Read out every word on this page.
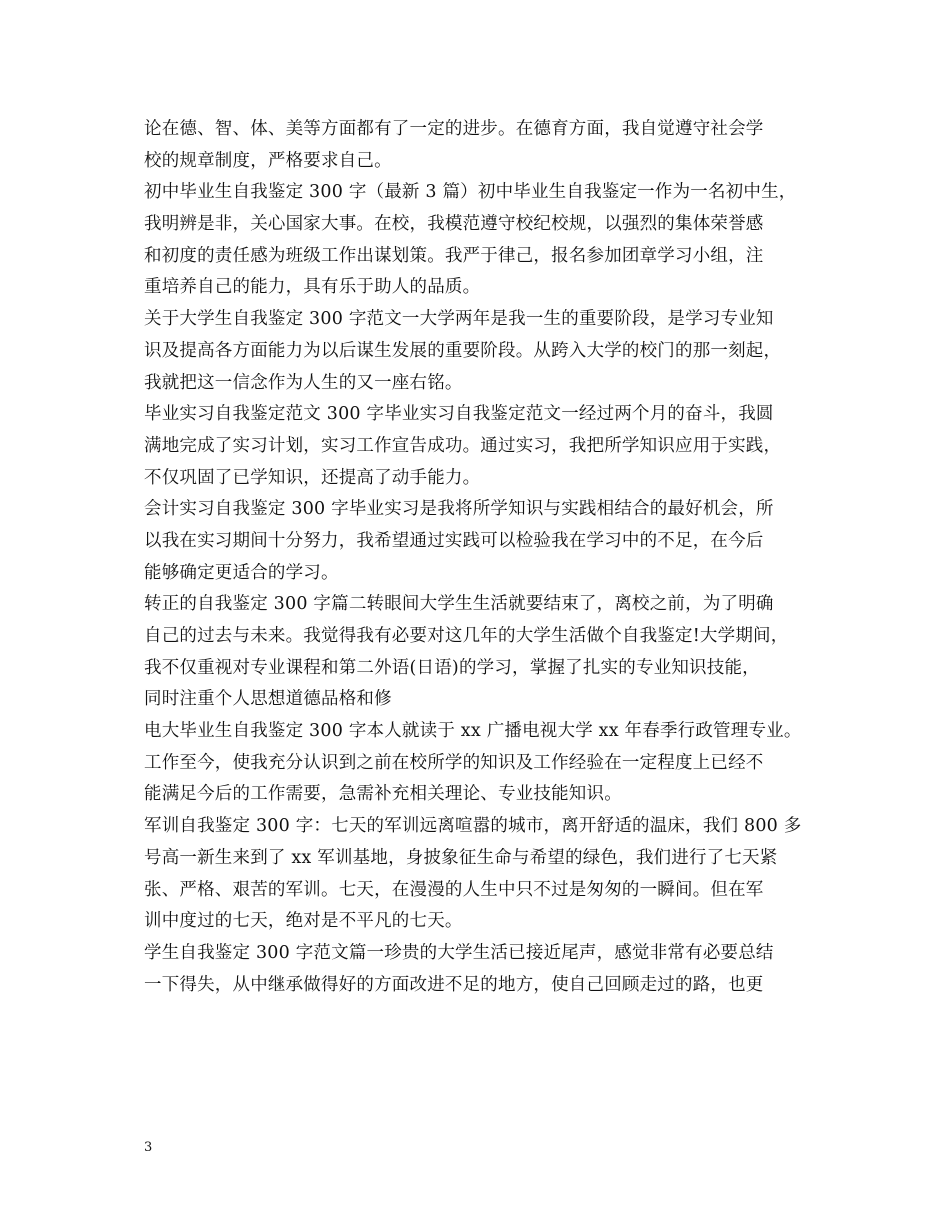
论在德、智、体、美等方面都有了一定的进步。在德育方面，我自觉遵守社会学
校的规章制度，严格要求自己。
初中毕业生自我鉴定 300 字（最新 3 篇）初中毕业生自我鉴定一作为一名初中生，
我明辨是非，关心国家大事。在校，我模范遵守校纪校规，以强烈的集体荣誉感
和初度的责任感为班级工作出谋划策。我严于律己，报名参加团章学习小组，注
重培养自己的能力，具有乐于助人的品质。
关于大学生自我鉴定 300 字范文一大学两年是我一生的重要阶段，是学习专业知
识及提高各方面能力为以后谋生发展的重要阶段。从跨入大学的校门的那一刻起，
我就把这一信念作为人生的又一座右铭。
毕业实习自我鉴定范文 300 字毕业实习自我鉴定范文一经过两个月的奋斗，我圆
满地完成了实习计划，实习工作宣告成功。通过实习，我把所学知识应用于实践，
不仅巩固了已学知识，还提高了动手能力。
会计实习自我鉴定 300 字毕业实习是我将所学知识与实践相结合的最好机会，所
以我在实习期间十分努力，我希望通过实践可以检验我在学习中的不足，在今后
能够确定更适合的学习。
转正的自我鉴定 300 字篇二转眼间大学生生活就要结束了，离校之前，为了明确
自己的过去与未来。我觉得我有必要对这几年的大学生活做个自我鉴定!大学期间，
我不仅重视对专业课程和第二外语(日语)的学习，掌握了扎实的专业知识技能，
同时注重个人思想道德品格和修
电大毕业生自我鉴定 300 字本人就读于 xx 广播电视大学 xx 年春季行政管理专业。
工作至今，使我充分认识到之前在校所学的知识及工作经验在一定程度上已经不
能满足今后的工作需要，急需补充相关理论、专业技能知识。
军训自我鉴定 300 字：七天的军训远离喧嚣的城市，离开舒适的温床，我们 800 多
号高一新生来到了 xx 军训基地，身披象征生命与希望的绿色，我们进行了七天紧
张、严格、艰苦的军训。七天，在漫漫的人生中只不过是匆匆的一瞬间。但在军
训中度过的七天，绝对是不平凡的七天。
学生自我鉴定 300 字范文篇一珍贵的大学生活已接近尾声，感觉非常有必要总结
一下得失，从中继承做得好的方面改进不足的地方，使自己回顾走过的路，也更
3
